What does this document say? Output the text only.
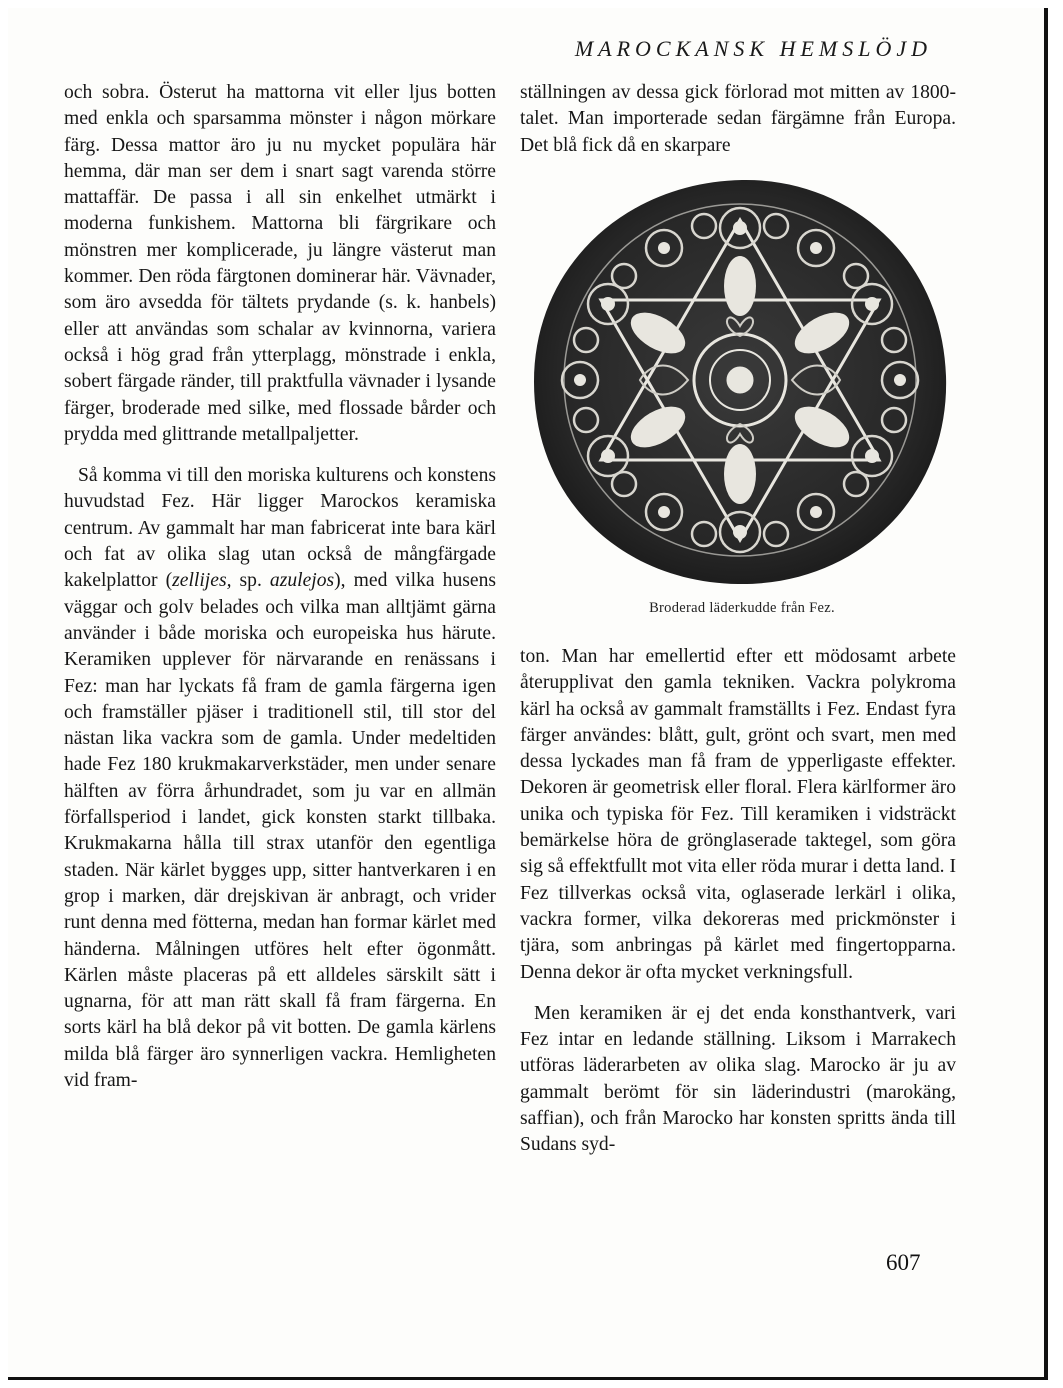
MAROCKANSK HEMSLÖJD

och sobra. Österut ha mattorna vit eller ljus botten med enkla och sparsamma mönster i någon mörkare färg. Dessa mattor äro ju nu mycket populära här hemma, där man ser dem i snart sagt varenda större mattaffär. De passa i all sin enkelhet utmärkt i moderna funkishem. Mattorna bli färgrikare och mönstren mer komplicerade, ju längre västerut man kommer. Den röda färgtonen dominerar här. Vävnader, som äro avsedda för tältets prydande (s. k. hanbels) eller att användas som schalar av kvinnorna, variera också i hög grad från ytterplagg, mönstrade i enkla, sobert färgade ränder, till praktfulla vävnader i lysande färger, broderade med silke, med flossade bårder och prydda med glittrande metallpaljetter.

Så komma vi till den moriska kulturens och konstens huvudstad Fez. Här ligger Marockos keramiska centrum. Av gammalt har man fabricerat inte bara kärl och fat av olika slag utan också de mångfärgade kakelplattor (zellijes, sp. azulejos), med vilka husens väggar och golv belades och vilka man alltjämt gärna använder i både moriska och europeiska hus härute. Keramiken upplever för närvarande en renässans i Fez: man har lyckats få fram de gamla färgerna igen och framställer pjäser i traditionell stil, till stor del nästan lika vackra som de gamla. Under medeltiden hade Fez 180 krukmakarverkstäder, men under senare hälften av förra århundradet, som ju var en allmän förfallsperiod i landet, gick konsten starkt tillbaka. Krukmakarna hålla till strax utanför den egentliga staden. När kärlet bygges upp, sitter hantverkaren i en grop i marken, där drejskivan är anbragt, och vrider runt denna med fötterna, medan han formar kärlet med händerna. Målningen utföres helt efter ögonmått. Kärlen måste placeras på ett alldeles särskilt sätt i ugnarna, för att man rätt skall få fram färgerna. En sorts kärl ha blå dekor på vit botten. De gamla kärlens milda blå färger äro synnerligen vackra. Hemligheten vid fram-

ställningen av dessa gick förlorad mot mitten av 1800-talet. Man importerade sedan färgämne från Europa. Det blå fick då en skarpare

Broderad läderkudde från Fez.

ton. Man har emellertid efter ett mödosamt arbete återupplivat den gamla tekniken. Vackra polykroma kärl ha också av gammalt framställts i Fez. Endast fyra färger användes: blått, gult, grönt och svart, men med dessa lyckades man få fram de ypperligaste effekter. Dekoren är geometrisk eller floral. Flera kärlformer äro unika och typiska för Fez. Till keramiken i vidsträckt bemärkelse höra de grönglaserade taktegel, som göra sig så effektfullt mot vita eller röda murar i detta land. I Fez tillverkas också vita, oglaserade lerkärl i olika, vackra former, vilka dekoreras med prickmönster i tjära, som anbringas på kärlet med fingertopparna. Denna dekor är ofta mycket verkningsfull.

Men keramiken är ej det enda konsthantverk, vari Fez intar en ledande ställning. Liksom i Marrakech utföras läderarbeten av olika slag. Marocko är ju av gammalt berömt för sin läderindustri (marokäng, saffian), och från Marocko har konsten spritts ända till Sudans syd-

607
